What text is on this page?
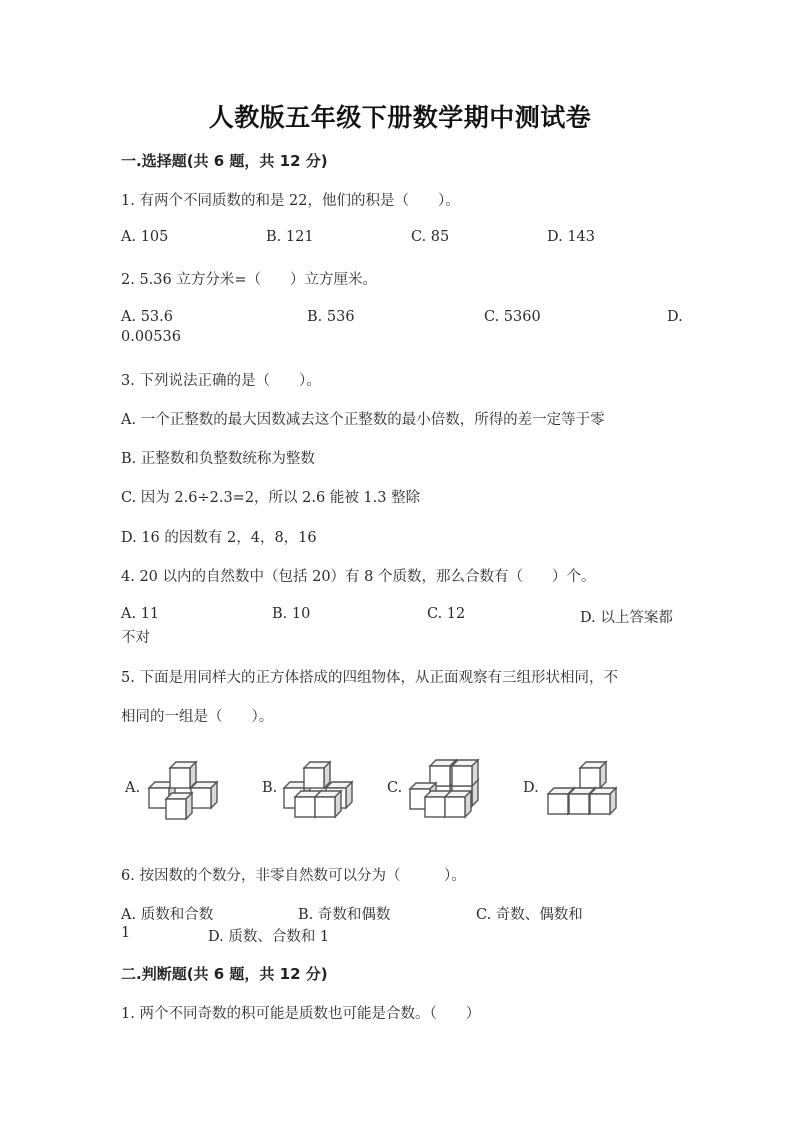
人教版五年级下册数学期中测试卷
一.选择题(共 6 题，共 12 分)
1. 有两个不同质数的和是 22，他们的积是（　　）。
A. 105	B. 121	C. 85	D. 143
2. 5.36 立方分米=（　　）立方厘米。
A. 53.6	B. 536	C. 5360	D.
0.00536
3. 下列说法正确的是（　　）。
A. 一个正整数的最大因数减去这个正整数的最小倍数，所得的差一定等于零
B. 正整数和负整数统称为整数
C. 因为 2.6÷2.3=2，所以 2.6 能被 1.3 整除
D. 16 的因数有 2，4，8，16
4. 20 以内的自然数中（包括 20）有 8 个质数，那么合数有（　　）个。
A. 11	B. 10	C. 12	D. 以上答案都
不对
5. 下面是用同样大的正方体搭成的四组物体，从正面观察有三组形状相同，不
相同的一组是（　　）。
A.	B.	C.	D.
6. 按因数的个数分，非零自然数可以分为（　　　）。
A. 质数和合数	B. 奇数和偶数	C. 奇数、偶数和
1	D. 质数、合数和 1
二.判断题(共 6 题，共 12 分)
1. 两个不同奇数的积可能是质数也可能是合数。（　　）
